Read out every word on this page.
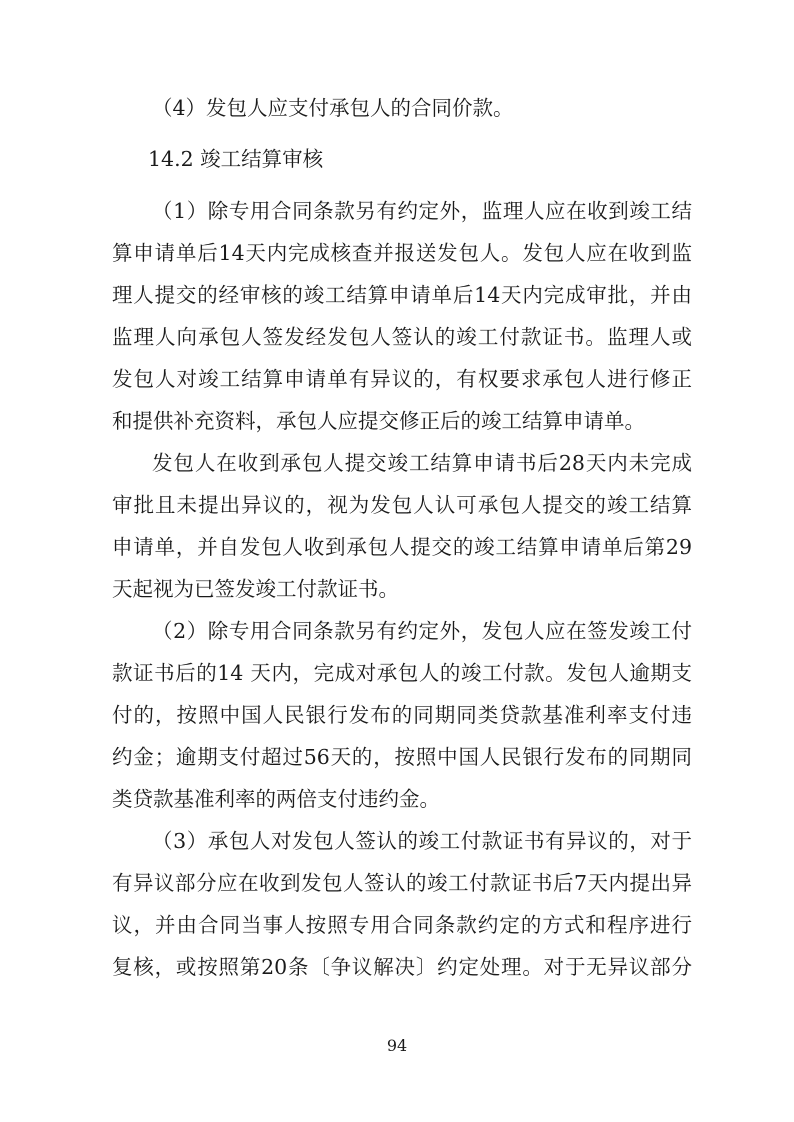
（4）发包人应支付承包人的合同价款。
14.2 竣工结算审核
（1）除专用合同条款另有约定外，监理人应在收到竣工结
算申请单后14天内完成核查并报送发包人。发包人应在收到监
理人提交的经审核的竣工结算申请单后14天内完成审批，并由
监理人向承包人签发经发包人签认的竣工付款证书。监理人或
发包人对竣工结算申请单有异议的，有权要求承包人进行修正
和提供补充资料，承包人应提交修正后的竣工结算申请单。
发包人在收到承包人提交竣工结算申请书后28天内未完成
审批且未提出异议的，视为发包人认可承包人提交的竣工结算
申请单，并自发包人收到承包人提交的竣工结算申请单后第29
天起视为已签发竣工付款证书。
（2）除专用合同条款另有约定外，发包人应在签发竣工付
款证书后的14 天内，完成对承包人的竣工付款。发包人逾期支
付的，按照中国人民银行发布的同期同类贷款基准利率支付违
约金；逾期支付超过56天的，按照中国人民银行发布的同期同
类贷款基准利率的两倍支付违约金。
（3）承包人对发包人签认的竣工付款证书有异议的，对于
有异议部分应在收到发包人签认的竣工付款证书后7天内提出异
议，并由合同当事人按照专用合同条款约定的方式和程序进行
复核，或按照第20条〔争议解决〕约定处理。对于无异议部分
94
